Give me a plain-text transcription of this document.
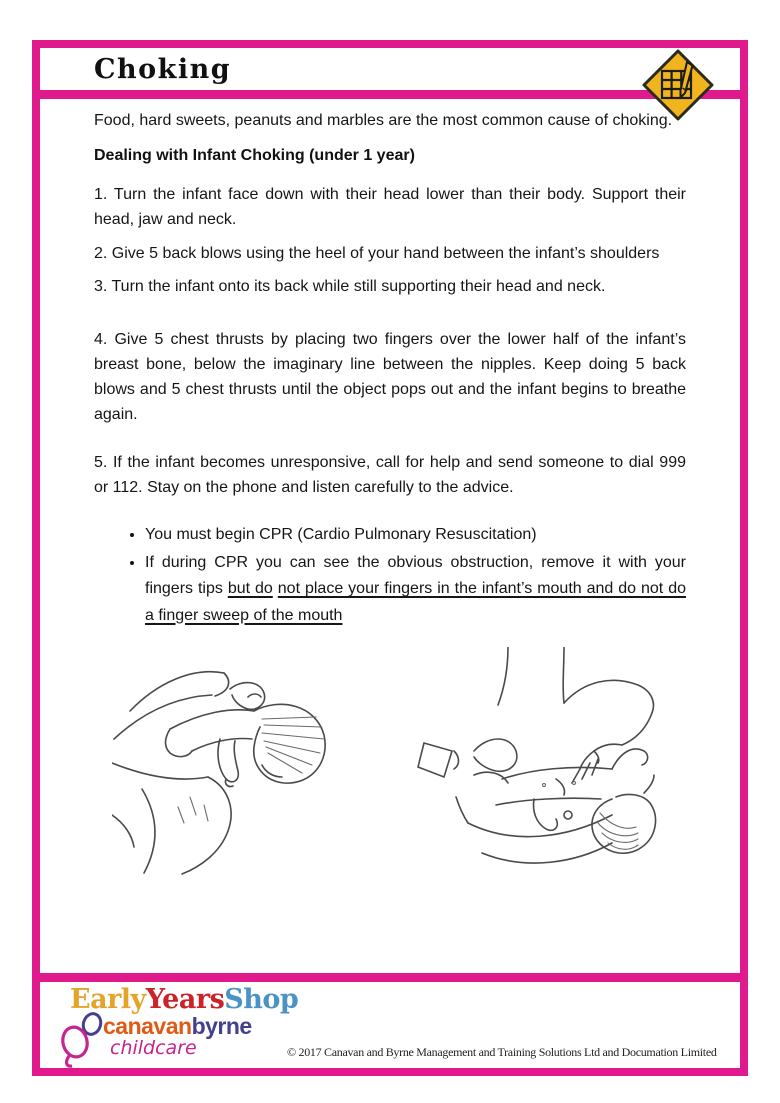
Choking

Food, hard sweets, peanuts and marbles are the most common cause of choking.

Dealing with Infant Choking (under 1 year)

1. Turn the infant face down with their head lower than their body. Support their head, jaw and neck.

2. Give 5 back blows using the heel of your hand between the infant’s shoulders

3. Turn the infant onto its back while still supporting their head and neck.

4. Give 5 chest thrusts by placing two fingers over the lower half of the infant’s breast bone, below the imaginary line between the nipples. Keep doing 5 back blows and 5 chest thrusts until the object pops out and the infant begins to breathe again.

5. If the infant becomes unresponsive, call for help and send someone to dial 999 or 112. Stay on the phone and listen carefully to the advice.

• You must begin CPR (Cardio Pulmonary Resuscitation)
• If during CPR you can see the obvious obstruction, remove it with your fingers tips but do not place your fingers in the infant’s mouth and do not do a finger sweep of the mouth
EarlyYearsShop
canavanbyrne
childcare	© 2017 Canavan and Byrne Management and Training Solutions Ltd and Documation Limited
